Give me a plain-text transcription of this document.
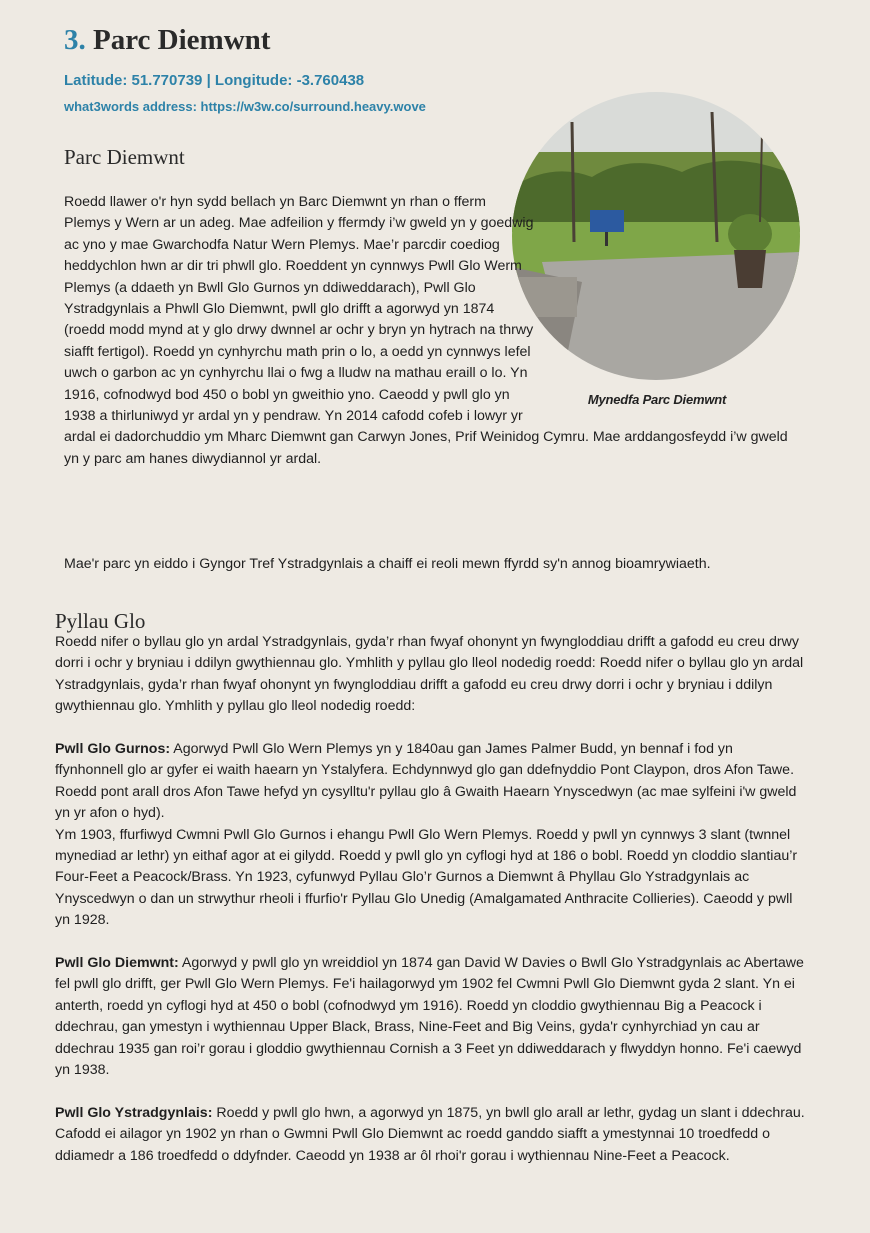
3. Parc Diemwnt
Latitude: 51.770739 | Longitude: -3.760438
what3words address: https://w3w.co/surround.heavy.wove
Parc Diemwnt
Mynedfa Parc Diemwnt

Roedd llawer o'r hyn sydd bellach yn Barc Diemwnt yn rhan o fferm Plemys y Wern ar un adeg. Mae adfeilion y ffermdy i’w gweld yn y goedwig ac yno y mae Gwarchodfa Natur Wern Plemys. Mae’r parcdir coediog heddychlon hwn ar dir tri phwll glo. Roeddent yn cynnwys Pwll Glo Werm Plemys (a ddaeth yn Bwll Glo Gurnos yn ddiweddarach), Pwll Glo Ystradgynlais a Phwll Glo Diemwnt, pwll glo drifft a agorwyd yn 1874 (roedd modd mynd at y glo drwy dwnnel ar ochr y bryn yn hytrach na thrwy siafft fertigol). Roedd yn cynhyrchu math prin o lo, a oedd yn cynnwys lefel uwch o garbon ac yn cynhyrchu llai o fwg a lludw na mathau eraill o lo. Yn 1916, cofnodwyd bod 450 o bobl yn gweithio yno. Caeodd y pwll glo yn 1938 a thirluniwyd yr ardal yn y pendraw. Yn 2014 cafodd cofeb i lowyr yr ardal ei dadorchuddio ym Mharc Diemwnt gan Carwyn Jones, Prif Weinidog Cymru. Mae arddangosfeydd i’w gweld yn y parc am hanes diwydiannol yr ardal.

Mae'r parc yn eiddo i Gyngor Tref Ystradgynlais a chaiff ei reoli mewn ffyrdd sy'n annog bioamrywiaeth.

Pyllau Glo

Roedd nifer o byllau glo yn ardal Ystradgynlais, gyda’r rhan fwyaf ohonynt yn fwyngloddiau drifft a gafodd eu creu drwy dorri i ochr y bryniau i ddilyn gwythiennau glo. Ymhlith y pyllau glo lleol nodedig roedd: Roedd nifer o byllau glo yn ardal Ystradgynlais, gyda’r rhan fwyaf ohonynt yn fwyngloddiau drifft a gafodd eu creu drwy dorri i ochr y bryniau i ddilyn gwythiennau glo. Ymhlith y pyllau glo lleol nodedig roedd:

Pwll Glo Gurnos: Agorwyd Pwll Glo Wern Plemys yn y 1840au gan James Palmer Budd, yn bennaf i fod yn ffynhonnell glo ar gyfer ei waith haearn yn Ystalyfera. Echdynnwyd glo gan ddefnyddio Pont Claypon, dros Afon Tawe. Roedd pont arall dros Afon Tawe hefyd yn cysylltu'r pyllau glo â Gwaith Haearn Ynyscedwyn (ac mae sylfeini i'w gweld yn yr afon o hyd).

Ym 1903, ffurfiwyd Cwmni Pwll Glo Gurnos i ehangu Pwll Glo Wern Plemys. Roedd y pwll yn cynnwys 3 slant (twnnel mynediad ar lethr) yn eithaf agor at ei gilydd. Roedd y pwll glo yn cyflogi hyd at 186 o bobl. Roedd yn cloddio slantiau’r Four-Feet a Peacock/Brass. Yn 1923, cyfunwyd Pyllau Glo’r Gurnos a Diemwnt â Phyllau Glo Ystradgynlais ac Ynyscedwyn o dan un strwythur rheoli i ffurfio'r Pyllau Glo Unedig (Amalgamated Anthracite Collieries). Caeodd y pwll yn 1928.

Pwll Glo Diemwnt: Agorwyd y pwll glo yn wreiddiol yn 1874 gan David W Davies o Bwll Glo Ystradgynlais ac Abertawe fel pwll glo drifft, ger Pwll Glo Wern Plemys. Fe'i hailagorwyd ym 1902 fel Cwmni Pwll Glo Diemwnt gyda 2 slant. Yn ei anterth, roedd yn cyflogi hyd at 450 o bobl (cofnodwyd ym 1916). Roedd yn cloddio gwythiennau Big a Peacock i ddechrau, gan ymestyn i wythiennau Upper Black, Brass, Nine-Feet and Big Veins, gyda'r cynhyrchiad yn cau ar ddechrau 1935 gan roi’r gorau i gloddio gwythiennau Cornish a 3 Feet yn ddiweddarach y flwyddyn honno. Fe'i caewyd yn 1938.

Pwll Glo Ystradgynlais: Roedd y pwll glo hwn, a agorwyd yn 1875, yn bwll glo arall ar lethr, gydag un slant i ddechrau. Cafodd ei ailagor yn 1902 yn rhan o Gwmni Pwll Glo Diemwnt ac roedd ganddo siafft a ymestynnai 10 troedfedd o ddiamedr a 186 troedfedd o ddyfnder. Caeodd yn 1938 ar ôl rhoi'r gorau i wythiennau Nine-Feet a Peacock.
